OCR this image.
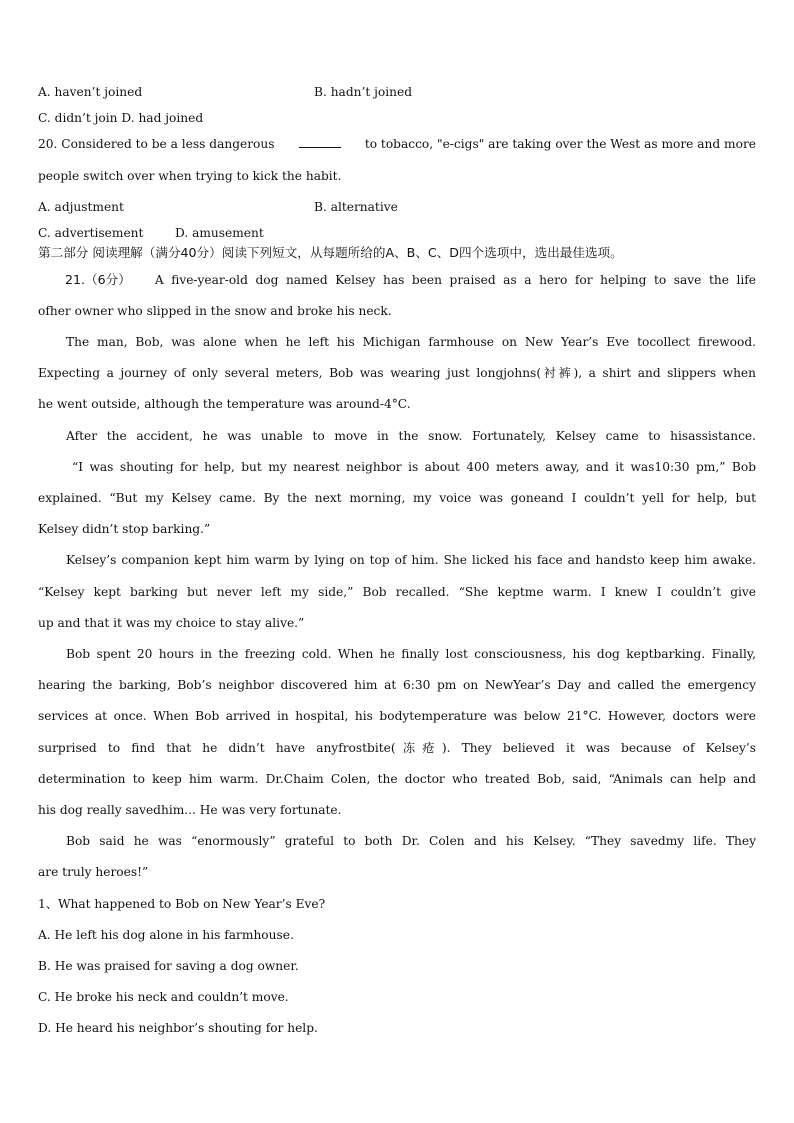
A. haven’t joined	B. hadn’t joined
C. didn’t join D. had joined
20. Considered to be a less dangerous	to tobacco, "e-cigs" are taking over the West as more and more
people switch over when trying to kick the habit.
A. adjustment	B. alternative
C. advertisement	D. amusement
第二部分 阅读理解（满分40分）阅读下列短文，从每题所给的A、B、C、D四个选项中，选出最佳选项。
21.（6分） A five-year-old dog named Kelsey has been praised as a hero for helping to save the life
ofher owner who slipped in the snow and broke his neck.
The man, Bob, was alone when he left his Michigan farmhouse on New Year’s Eve tocollect firewood.
Expecting a journey of only several meters, Bob was wearing just longjohns(衬裤), a shirt and slippers when
he went outside, although the temperature was around-4°C.
After the accident, he was unable to move in the snow. Fortunately, Kelsey came to hisassistance.
“I was shouting for help, but my nearest neighbor is about 400 meters away, and it was10:30 pm,” Bob
explained. “But my Kelsey came. By the next morning, my voice was goneand I couldn’t yell for help, but
Kelsey didn’t stop barking.”
Kelsey’s companion kept him warm by lying on top of him. She licked his face and handsto keep him awake.
“Kelsey kept barking but never left my side,” Bob recalled. “She keptme warm. I knew I couldn’t give
up and that it was my choice to stay alive.”
Bob spent 20 hours in the freezing cold. When he finally lost consciousness, his dog keptbarking. Finally,
hearing the barking, Bob’s neighbor discovered him at 6:30 pm on NewYear’s Day and called the emergency
services at once. When Bob arrived in hospital, his bodytemperature was below 21°C. However, doctors were
surprised to find that he didn’t have anyfrostbite(冻疮). They believed it was because of Kelsey’s
determination to keep him warm. Dr.Chaim Colen, the doctor who treated Bob, said, “Animals can help and
his dog really savedhim... He was very fortunate.
Bob said he was “enormously” grateful to both Dr. Colen and his Kelsey. “They savedmy life. They
are truly heroes!”
1、What happened to Bob on New Year’s Eve?
A. He left his dog alone in his farmhouse.
B. He was praised for saving a dog owner.
C. He broke his neck and couldn’t move.
D. He heard his neighbor’s shouting for help.
